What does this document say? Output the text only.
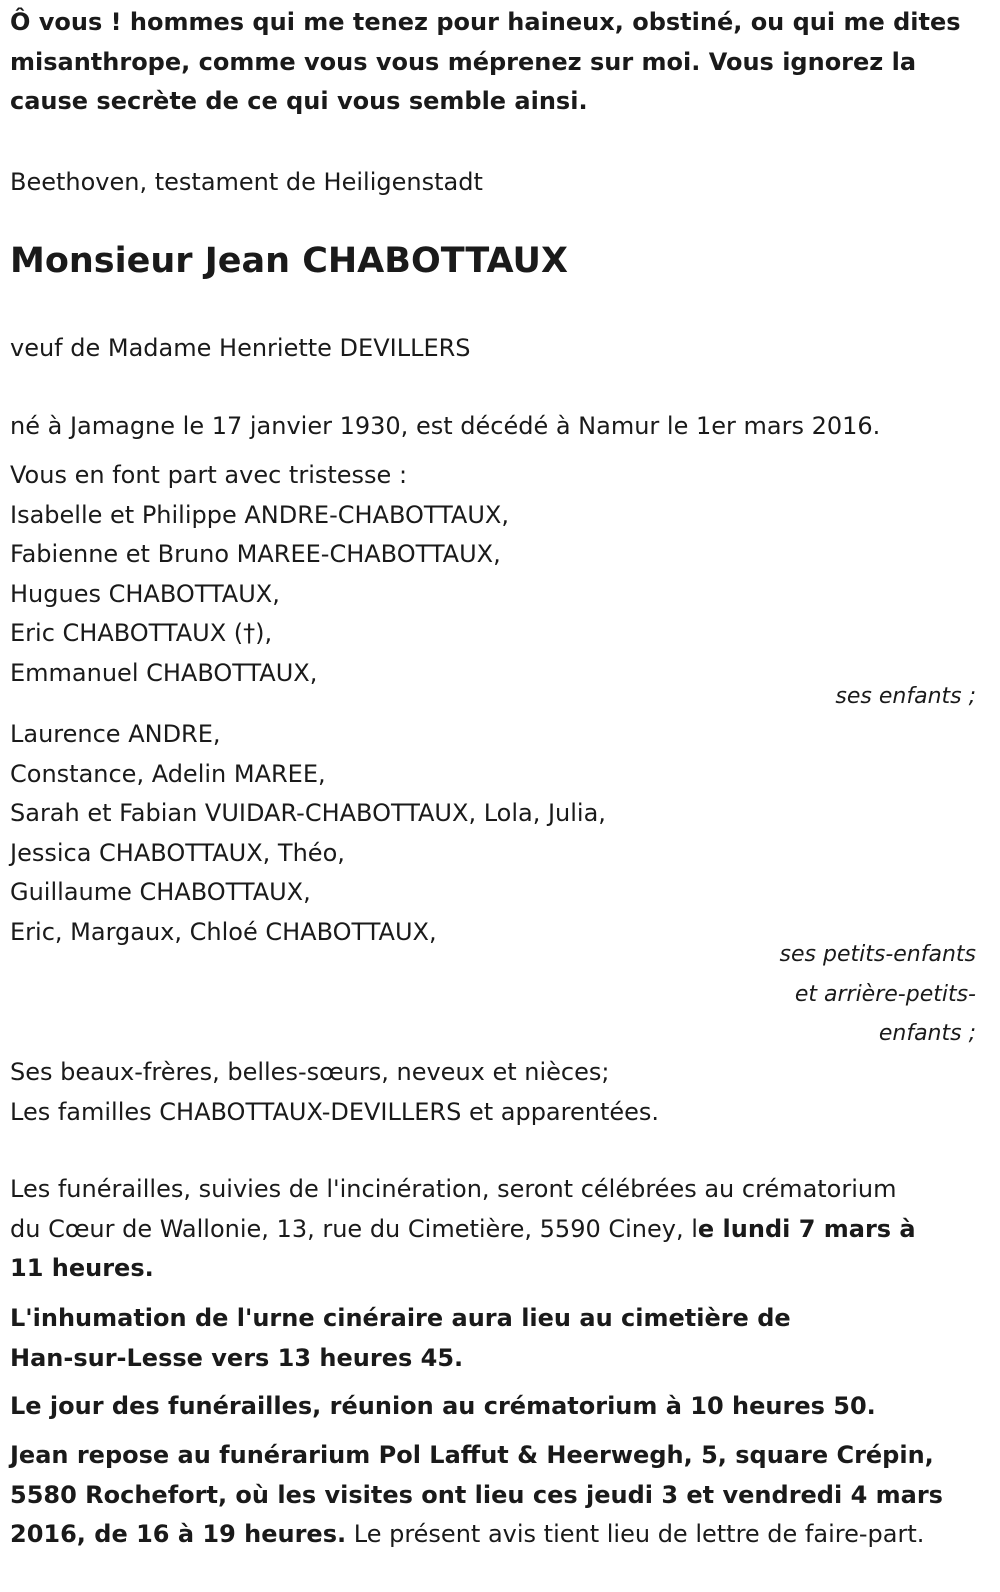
Ô vous ! hommes qui me tenez pour haineux, obstiné, ou qui me dites
misanthrope, comme vous vous méprenez sur moi. Vous ignorez la
cause secrète de ce qui vous semble ainsi.
Beethoven, testament de Heiligenstadt
Monsieur Jean CHABOTTAUX
veuf de Madame Henriette DEVILLERS
né à Jamagne le 17 janvier 1930, est décédé à Namur le 1er mars 2016.
Vous en font part avec tristesse :
Isabelle et Philippe ANDRE-CHABOTTAUX,
Fabienne et Bruno MAREE-CHABOTTAUX,
Hugues CHABOTTAUX,
Eric CHABOTTAUX (†),
Emmanuel CHABOTTAUX,
ses enfants ;
Laurence ANDRE,
Constance, Adelin MAREE,
Sarah et Fabian VUIDAR-CHABOTTAUX, Lola, Julia,
Jessica CHABOTTAUX, Théo,
Guillaume CHABOTTAUX,
Eric, Margaux, Chloé CHABOTTAUX,
ses petits-enfants
et arrière-petits-
enfants ;
Ses beaux-frères, belles-sœurs, neveux et nièces;
Les familles CHABOTTAUX-DEVILLERS et apparentées.
Les funérailles, suivies de l'incinération, seront célébrées au crématorium
du Cœur de Wallonie, 13, rue du Cimetière, 5590 Ciney, le lundi 7 mars à
11 heures.
L'inhumation de l'urne cinéraire aura lieu au cimetière de
Han-sur-Lesse vers 13 heures 45.
Le jour des funérailles, réunion au crématorium à 10 heures 50.
Jean repose au funérarium Pol Laffut & Heerwegh, 5, square Crépin,
5580 Rochefort, où les visites ont lieu ces jeudi 3 et vendredi 4 mars
2016, de 16 à 19 heures. Le présent avis tient lieu de lettre de faire-part.
